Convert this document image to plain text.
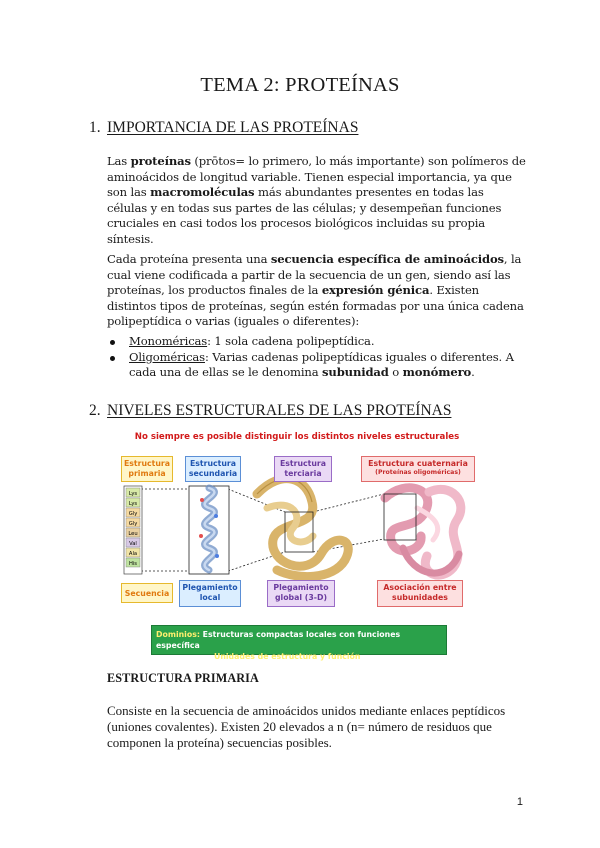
TEMA 2: PROTEÍNAS
1. IMPORTANCIA DE LAS PROTEÍNAS
Las proteínas (prōtos= lo primero, lo más importante) son polímeros de aminoácidos de longitud variable. Tienen especial importancia, ya que son las macromoléculas más abundantes presentes en todas las células y en todas sus partes de las células; y desempeñan funciones cruciales en casi todos los procesos biológicos incluidas su propia síntesis.
Cada proteína presenta una secuencia específica de aminoácidos, la cual viene codificada a partir de la secuencia de un gen, siendo así las proteínas, los productos finales de la expresión génica. Existen distintos tipos de proteínas, según estén formadas por una única cadena polipeptídica o varias (iguales o diferentes):
Monoméricas: 1 sola cadena polipeptídica.
Oligoméricas: Varias cadenas polipeptídicas iguales o diferentes. A cada una de ellas se le denomina subunidad o monómero.
2. NIVELES ESTRUCTURALES DE LAS PROTEÍNAS
No siempre es posible distinguir los distintos niveles estructurales
Lys
Lys
Gly
Gly
Leu
Val
Ala
His
Estructura primaria
Estructura secundaria
Estructura terciaria
Estructura cuaternaria
(Proteínas oligoméricas)
Secuencia
Plegamiento local
Plegamiento global (3-D)
Asociación entre subunidades
Dominios: Estructuras compactas locales con funciones específica
Unidades de estructura y función
ESTRUCTURA PRIMARIA
Consiste en la secuencia de aminoácidos unidos mediante enlaces peptídicos (uniones covalentes). Existen 20 elevados a n (n= número de residuos que componen la proteína) secuencias posibles.
1
